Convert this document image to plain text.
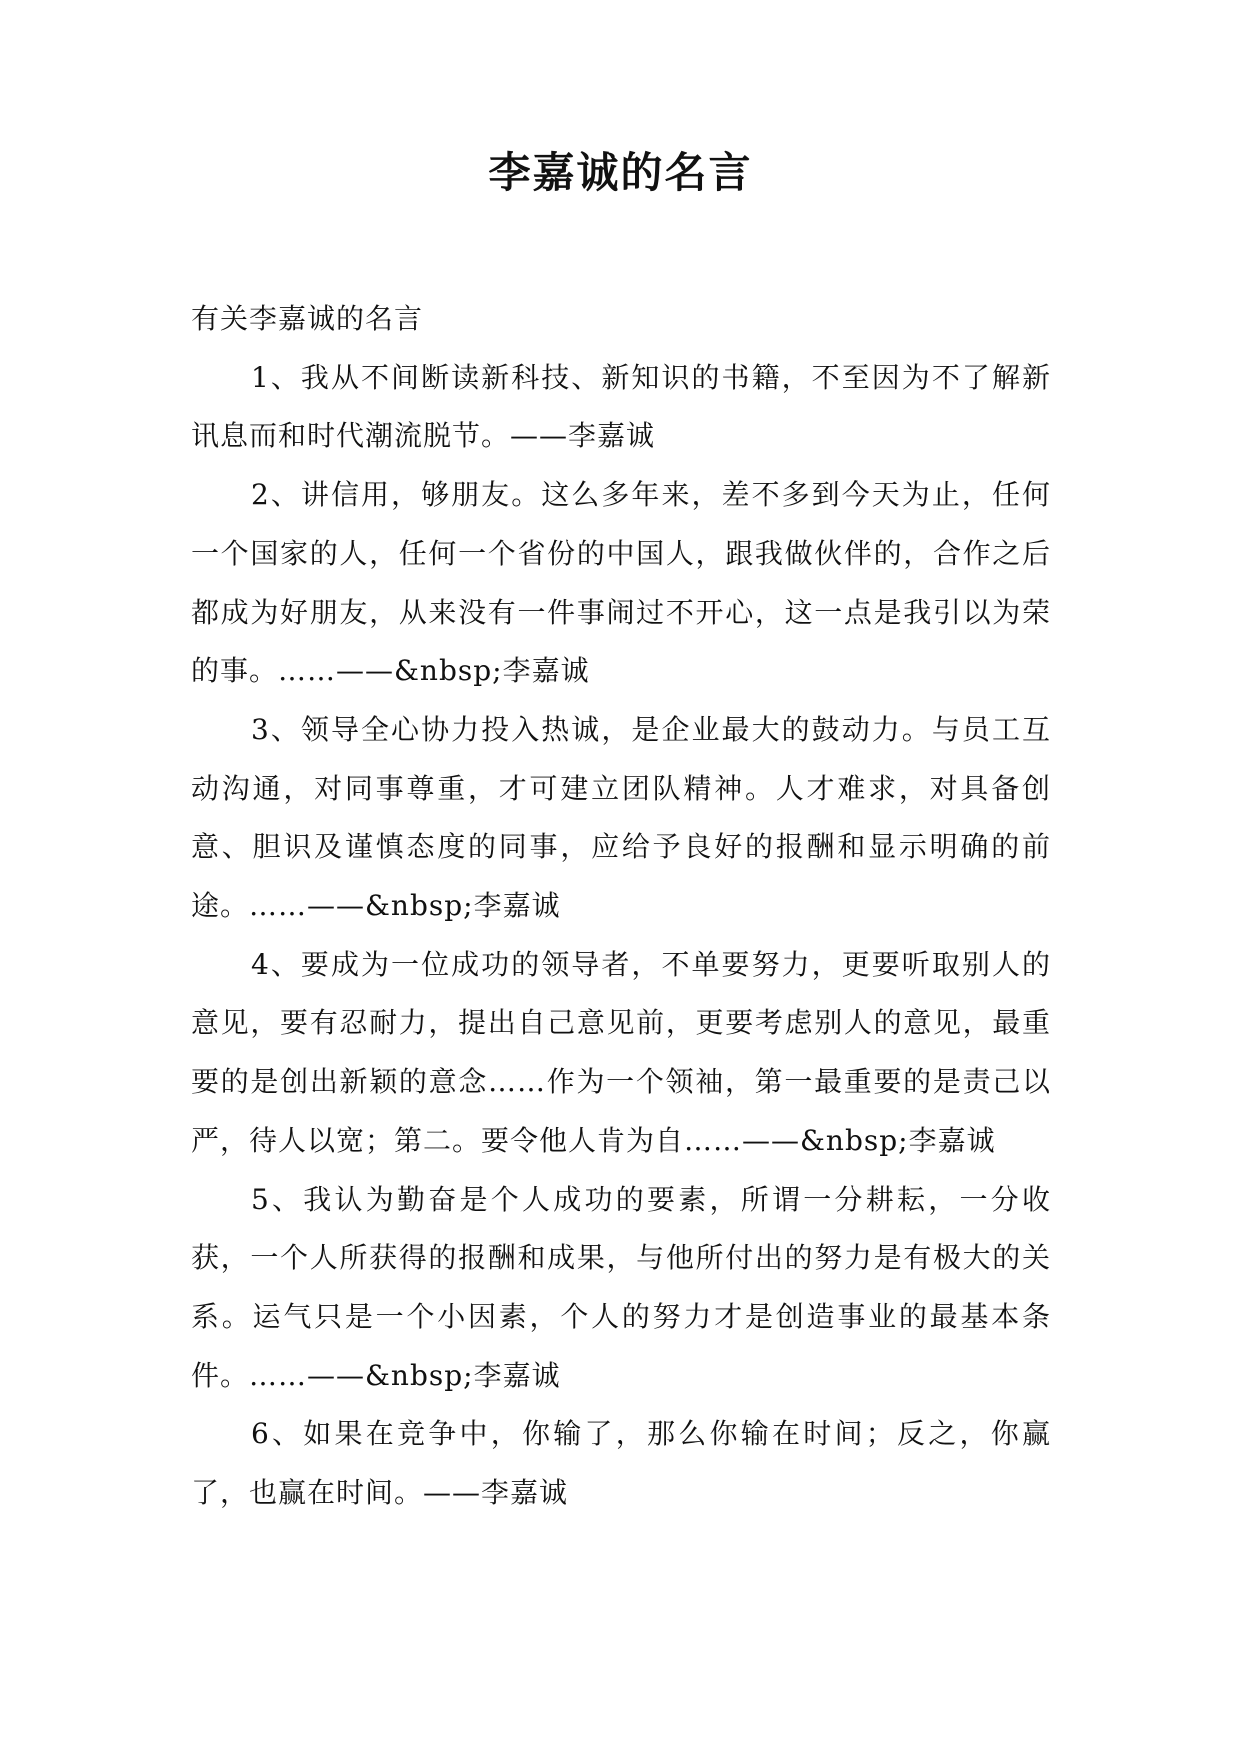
李嘉诚的名言

有关李嘉诚的名言

1、我从不间断读新科技、新知识的书籍，不至因为不了解新讯息而和时代潮流脱节。——李嘉诚

2、讲信用，够朋友。这么多年来，差不多到今天为止，任何一个国家的人，任何一个省份的中国人，跟我做伙伴的，合作之后都成为好朋友，从来没有一件事闹过不开心，这一点是我引以为荣的事。……——&nbsp;李嘉诚

3、领导全心协力投入热诚，是企业最大的鼓动力。与员工互动沟通，对同事尊重，才可建立团队精神。人才难求，对具备创意、胆识及谨慎态度的同事，应给予良好的报酬和显示明确的前途。……——&nbsp;李嘉诚

4、要成为一位成功的领导者，不单要努力，更要听取别人的意见，要有忍耐力，提出自己意见前，更要考虑别人的意见，最重要的是创出新颖的意念……作为一个领袖，第一最重要的是责己以严，待人以宽；第二。要令他人肯为自……——&nbsp;李嘉诚

5、我认为勤奋是个人成功的要素，所谓一分耕耘，一分收获，一个人所获得的报酬和成果，与他所付出的努力是有极大的关系。运气只是一个小因素，个人的努力才是创造事业的最基本条件。……——&nbsp;李嘉诚

6、如果在竞争中，你输了，那么你输在时间；反之，你赢了，也赢在时间。——李嘉诚
